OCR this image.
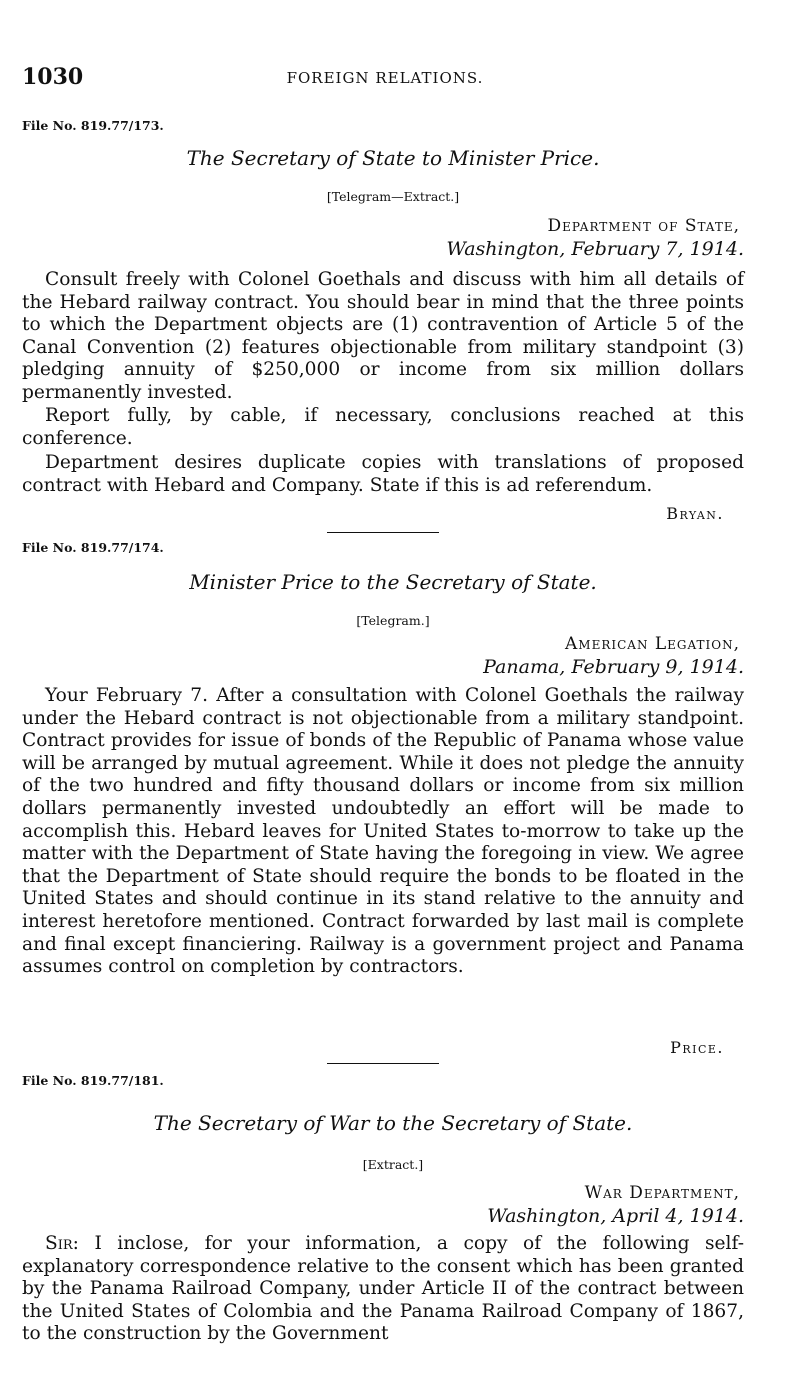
1030	FOREIGN RELATIONS.
File No. 819.77/173.
The Secretary of State to Minister Price.
[Telegram—Extract.]
Department of State,
Washington, February 7, 1914.

Consult freely with Colonel Goethals and discuss with him all details of the Hebard railway contract. You should bear in mind that the three points to which the Department objects are (1) contravention of Article 5 of the Canal Convention (2) features objectionable from military standpoint (3) pledging annuity of $250,000 or income from six million dollars permanently invested.

Report fully, by cable, if necessary, conclusions reached at this conference.

Department desires duplicate copies with translations of proposed contract with Hebard and Company. State if this is ad referendum.

Bryan.
File No. 819.77/174.
Minister Price to the Secretary of State.
[Telegram.]
American Legation,
Panama, February 9, 1914.

Your February 7. After a consultation with Colonel Goethals the railway under the Hebard contract is not objectionable from a military standpoint. Contract provides for issue of bonds of the Republic of Panama whose value will be arranged by mutual agreement. While it does not pledge the annuity of the two hundred and fifty thousand dollars or income from six million dollars permanently invested undoubtedly an effort will be made to accomplish this. Hebard leaves for United States to-morrow to take up the matter with the Department of State having the foregoing in view. We agree that the Department of State should require the bonds to be floated in the United States and should continue in its stand relative to the annuity and interest heretofore mentioned. Contract forwarded by last mail is complete and final except financiering. Railway is a government project and Panama assumes control on completion by contractors.

Price.
File No. 819.77/181.
The Secretary of War to the Secretary of State.
[Extract.]
War Department,
Washington, April 4, 1914.

Sir: I inclose, for your information, a copy of the following self-explanatory correspondence relative to the consent which has been granted by the Panama Railroad Company, under Article II of the contract between the United States of Colombia and the Panama Railroad Company of 1867, to the construction by the Government
